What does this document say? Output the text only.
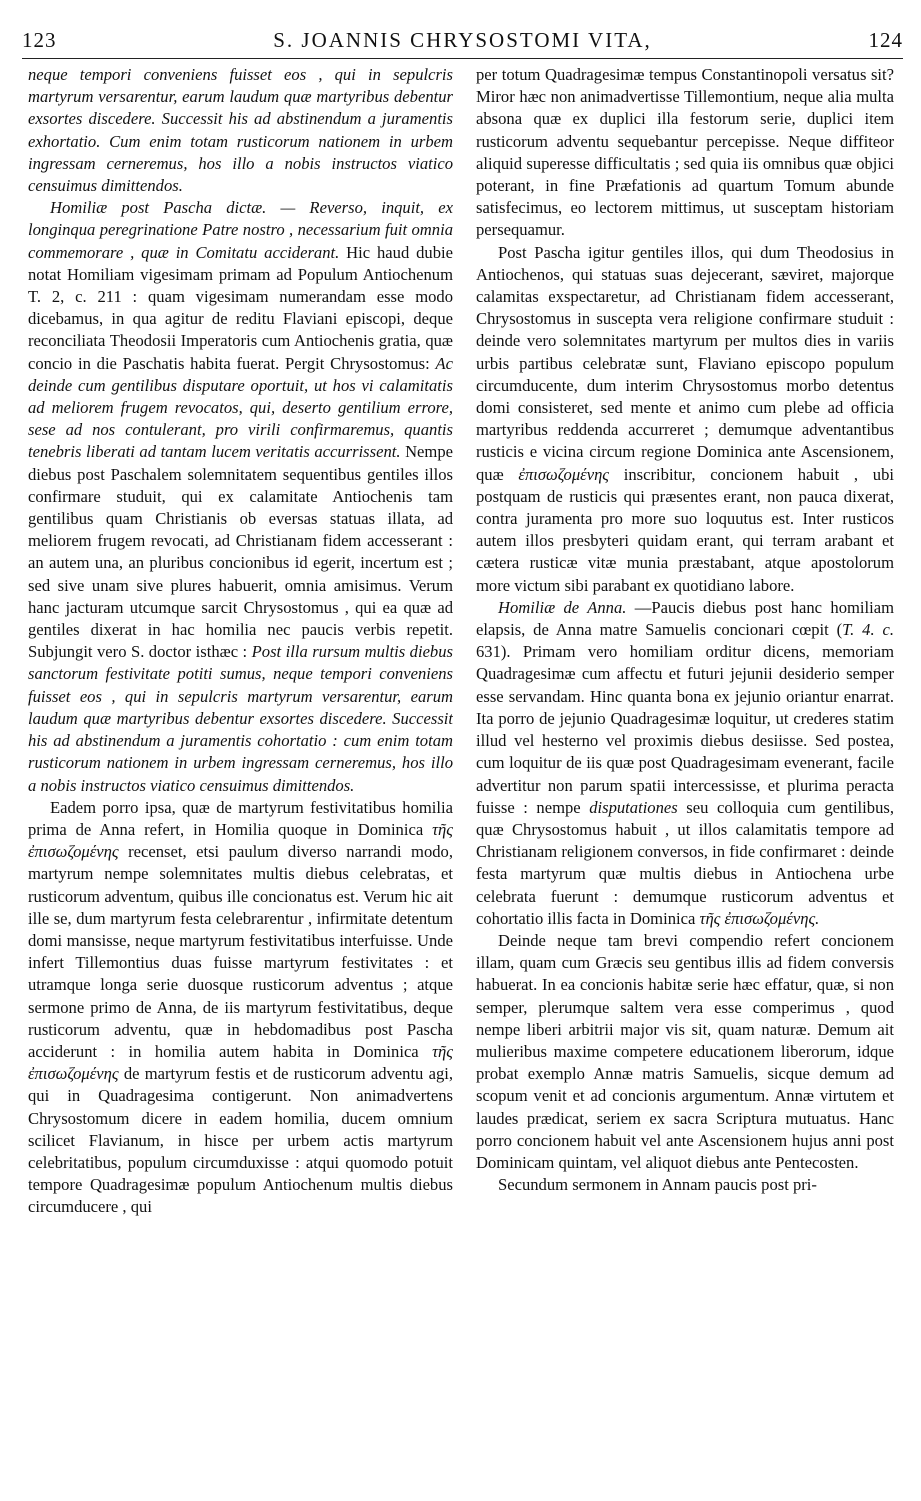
123	S. JOANNIS CHRYSOSTOMI VITA,	124

neque tempori conveniens fuisset eos , qui in sepulcris martyrum versarentur, earum laudum quæ martyribus debentur exsortes discedere. Successit his ad abstinendum a juramentis exhortatio. Cum enim totam rusticorum nationem in urbem ingressam cerneremus, hos illo a nobis instructos viatico censuimus dimittendos.

Homiliæ post Pascha dictæ. — Reverso, inquit, ex longinqua peregrinatione Patre nostro , necessarium fuit omnia commemorare , quæ in Comitatu acciderant. Hic haud dubie notat Homiliam vigesimam primam ad Populum Antiochenum T. 2, c. 211 : quam vigesimam numerandam esse modo dicebamus, in qua agitur de reditu Flaviani episcopi, deque reconciliata Theodosii Imperatoris cum Antiochenis gratia, quæ concio in die Paschatis habita fuerat. Pergit Chrysostomus: Ac deinde cum gentilibus disputare oportuit, ut hos vi calamitatis ad meliorem frugem revocatos, qui, deserto gentilium errore, sese ad nos contulerant, pro virili confirmaremus, quantis tenebris liberati ad tantam lucem veritatis accurrissent. Nempe diebus post Paschalem solemnitatem sequentibus gentiles illos confirmare studuit, qui ex calamitate Antiochenis tam gentilibus quam Christianis ob eversas statuas illata, ad meliorem frugem revocati, ad Christianam fidem accesserant : an autem una, an pluribus concionibus id egerit, incertum est ; sed sive unam sive plures habuerit, omnia amisimus. Verum hanc jacturam utcumque sarcit Chrysostomus , qui ea quæ ad gentiles dixerat in hac homilia nec paucis verbis repetit. Subjungit vero S. doctor isthæc : Post illa rursum multis diebus sanctorum festivitate potiti sumus, neque tempori conveniens fuisset eos , qui in sepulcris martyrum versarentur, earum laudum quæ martyribus debentur exsortes discedere. Successit his ad abstinendum a juramentis cohortatio : cum enim totam rusticorum nationem in urbem ingressam cerneremus, hos illo a nobis instructos viatico censuimus dimittendos.

Eadem porro ipsa, quæ de martyrum festivitatibus homilia prima de Anna refert, in Homilia quoque in Dominica τῆς ἐπισωζομένης recenset, etsi paulum diverso narrandi modo, martyrum nempe solemnitates multis diebus celebratas, et rusticorum adventum, quibus ille concionatus est. Verum hic ait ille se, dum martyrum festa celebrarentur , infirmitate detentum domi mansisse, neque martyrum festivitatibus interfuisse. Unde infert Tillemontius duas fuisse martyrum festivitates : et utramque longa serie duosque rusticorum adventus ; atque sermone primo de Anna, de iis martyrum festivitatibus, deque rusticorum adventu, quæ in hebdomadibus post Pascha acciderunt : in homilia autem habita in Dominica τῆς ἐπισωζομένης de martyrum festis et de rusticorum adventu agi, qui in Quadragesima contigerunt. Non animadvertens Chrysostomum dicere in eadem homilia, ducem omnium scilicet Flavianum, in hisce per urbem actis martyrum celebritatibus, populum circumduxisse : atqui quomodo potuit tempore Quadragesimæ populum Antiochenum multis diebus circumducere , qui

per totum Quadragesimæ tempus Constantinopoli versatus sit? Miror hæc non animadvertisse Tillemontium, neque alia multa absona quæ ex duplici illa festorum serie, duplici item rusticorum adventu sequebantur percepisse. Neque diffiteor aliquid superesse difficultatis ; sed quia iis omnibus quæ objici poterant, in fine Præfationis ad quartum Tomum abunde satisfecimus, eo lectorem mittimus, ut susceptam historiam persequamur.

Post Pascha igitur gentiles illos, qui dum Theodosius in Antiochenos, qui statuas suas dejecerant, sæviret, majorque calamitas exspectaretur, ad Christianam fidem accesserant, Chrysostomus in suscepta vera religione confirmare studuit : deinde vero solemnitates martyrum per multos dies in variis urbis partibus celebratæ sunt, Flaviano episcopo populum circumducente, dum interim Chrysostomus morbo detentus domi consisteret, sed mente et animo cum plebe ad officia martyribus reddenda accurreret ; demumque adventantibus rusticis e vicina circum regione Dominica ante Ascensionem, quæ ἐπισωζομένης inscribitur, concionem habuit , ubi postquam de rusticis qui præsentes erant, non pauca dixerat, contra juramenta pro more suo loquutus est. Inter rusticos autem illos presbyteri quidam erant, qui terram arabant et cætera rusticæ vitæ munia præstabant, atque apostolorum more victum sibi parabant ex quotidiano labore.

Homiliæ de Anna. —Paucis diebus post hanc homiliam elapsis, de Anna matre Samuelis concionari cœpit (T. 4. c. 631). Primam vero homiliam orditur dicens, memoriam Quadragesimæ cum affectu et futuri jejunii desiderio semper esse servandam. Hinc quanta bona ex jejunio oriantur enarrat. Ita porro de jejunio Quadragesimæ loquitur, ut crederes statim illud vel hesterno vel proximis diebus desiisse. Sed postea, cum loquitur de iis quæ post Quadragesimam evenerant, facile advertitur non parum spatii intercessisse, et plurima peracta fuisse : nempe disputationes seu colloquia cum gentilibus, quæ Chrysostomus habuit , ut illos calamitatis tempore ad Christianam religionem conversos, in fide confirmaret : deinde festa martyrum quæ multis diebus in Antiochena urbe celebrata fuerunt : demumque rusticorum adventus et cohortatio illis facta in Dominica τῆς ἐπισωζομένης.

Deinde neque tam brevi compendio refert concionem illam, quam cum Græcis seu gentibus illis ad fidem conversis habuerat. In ea concionis habitæ serie hæc effatur, quæ, si non semper, plerumque saltem vera esse comperimus , quod nempe liberi arbitrii major vis sit, quam naturæ. Demum ait mulieribus maxime competere educationem liberorum, idque probat exemplo Annæ matris Samuelis, sicque demum ad scopum venit et ad concionis argumentum. Annæ virtutem et laudes prædicat, seriem ex sacra Scriptura mutuatus. Hanc porro concionem habuit vel ante Ascensionem hujus anni post Dominicam quintam, vel aliquot diebus ante Pentecosten.

Secundum sermonem in Annam paucis post pri-
